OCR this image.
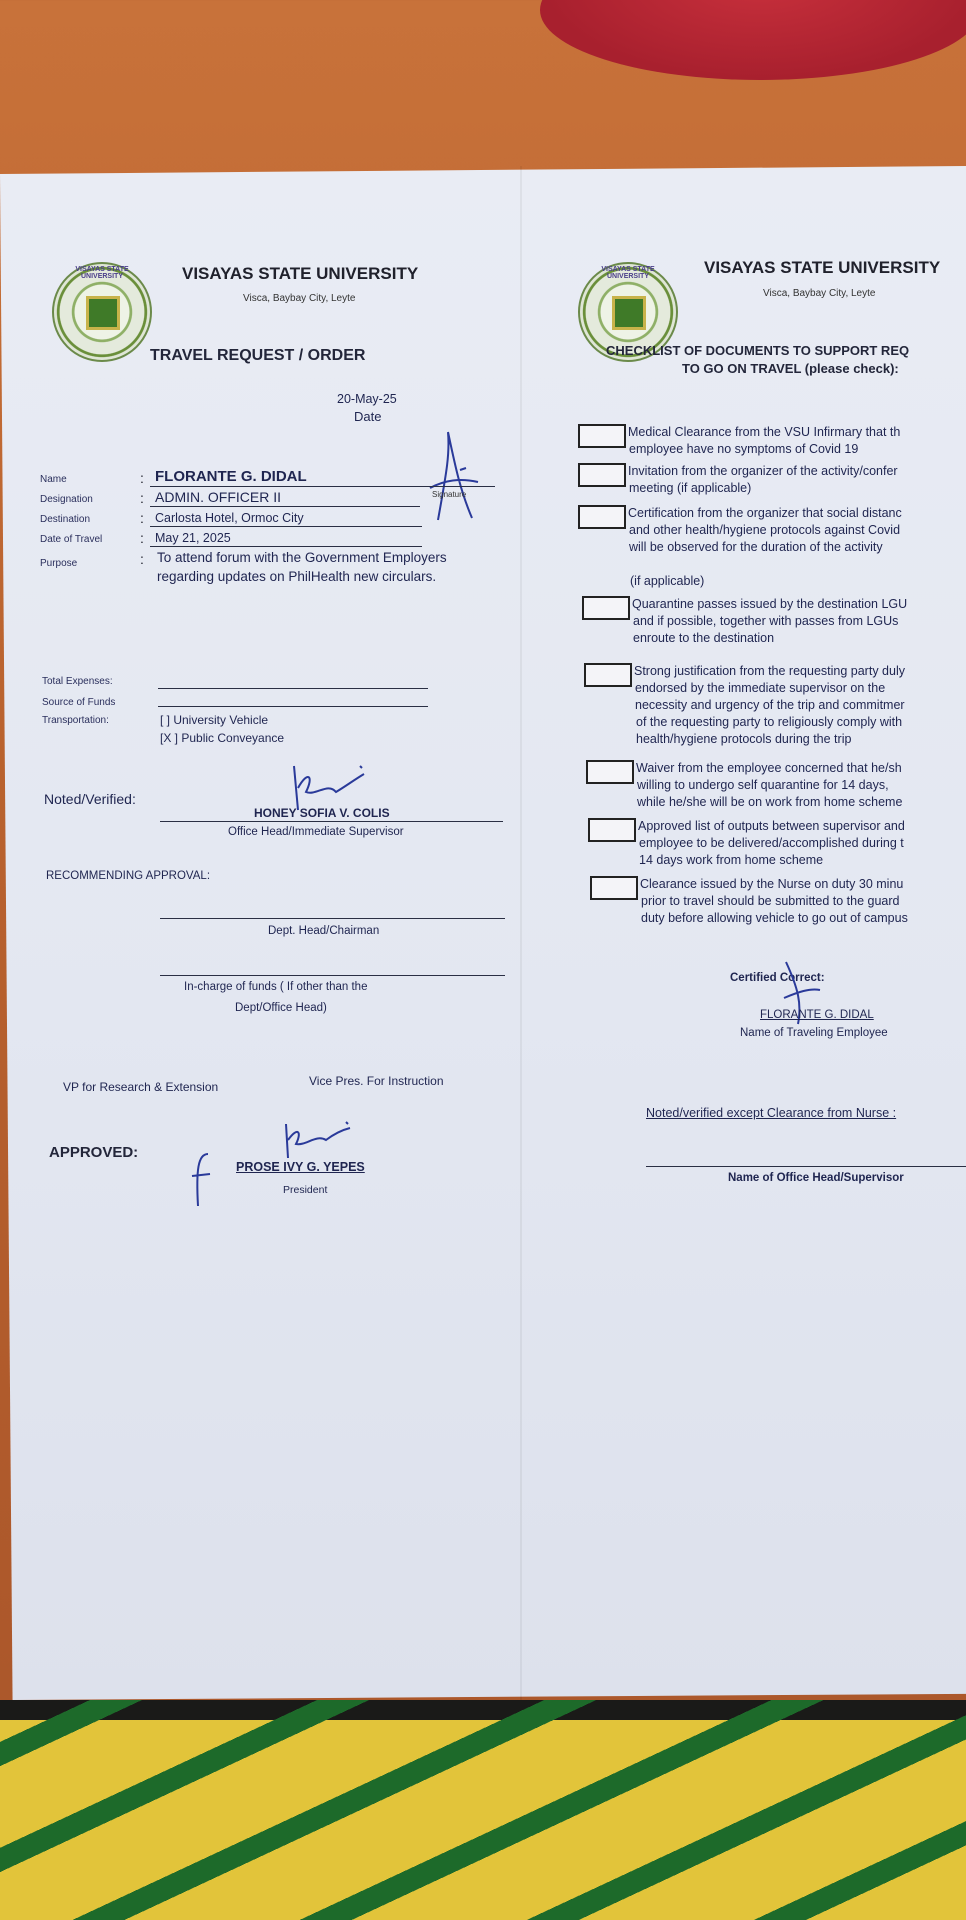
VISAYAS STATE UNIVERSITY	VISAYAS STATE UNIVERSITY
Visca, Baybay City, Leyte
TRAVEL REQUEST / ORDER
20-May-25
Date
Signature
Name	: FLORANTE G. DIDAL
Designation	: ADMIN. OFFICER II
Destination	: Carlosta Hotel, Ormoc City
Date of Travel	: May 21, 2025
Purpose	: To attend forum with the Government Employers regarding updates on PhilHealth new circulars.
Total Expenses:
Source of Funds
Transportation:	[ ] University Vehicle
[X ] Public Conveyance
Noted/Verified:
HONEY SOFIA V. COLIS
Office Head/Immediate Supervisor
RECOMMENDING APPROVAL:
Dept. Head/Chairman
In-charge of funds ( If other than the
Dept/Office Head)
VP for Research & Extension	Vice Pres. For Instruction
APPROVED:
PROSE IVY G. YEPES
President
VISAYAS STATE UNIVERSITY	VISAYAS STATE UNIVERSITY
Visca, Baybay City, Leyte
CHECKLIST OF DOCUMENTS TO SUPPORT REQ
TO GO ON TRAVEL (please check):
Medical Clearance from the VSU Infirmary that th
employee have no symptoms of Covid 19
Invitation from the organizer of the activity/confer
meeting (if applicable)
Certification from the organizer that social distanc
and other health/hygiene protocols against Covid
will be observed for the duration of the activity
(if applicable)
Quarantine passes issued by the destination LGU
and if possible, together with passes from LGUs
enroute to the destination
Strong justification from the requesting party duly
endorsed by the immediate supervisor on the
necessity and urgency of the trip and commitmer
of the requesting party to religiously comply with
health/hygiene protocols during the trip
Waiver from the employee concerned that he/sh
willing to undergo self quarantine for 14 days,
while he/she will be on work from home scheme
Approved list of outputs between supervisor and
employee to be delivered/accomplished during t
14 days work from home scheme
Clearance issued by the Nurse on duty 30 minu
prior to travel should be submitted to the guard
duty before allowing vehicle to go out of campus
Certified Correct:
FLORANTE G. DIDAL
Name of Traveling Employee
Noted/verified except Clearance from Nurse :
Name of Office Head/Supervisor
